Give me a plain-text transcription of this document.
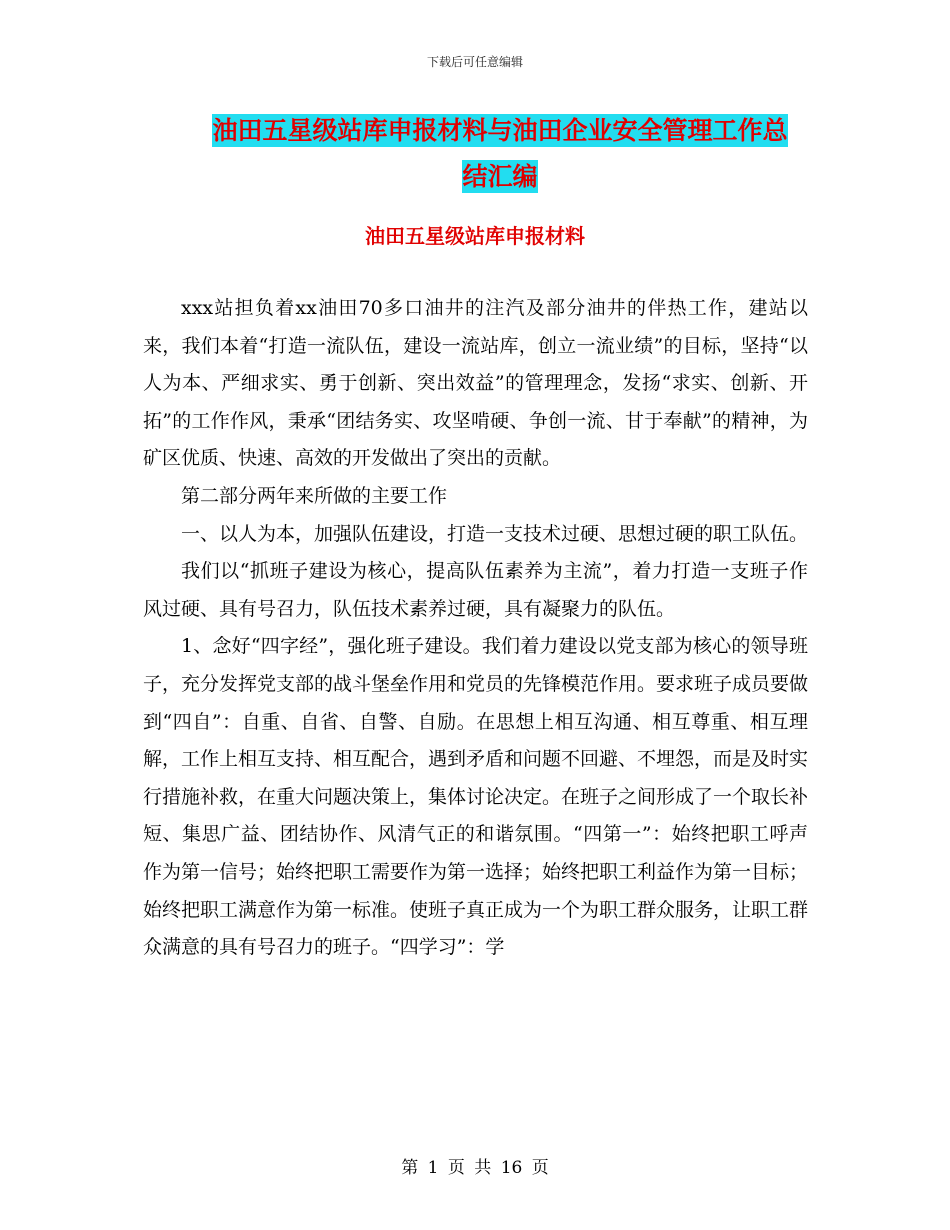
下载后可任意编辑
油田五星级站库申报材料与油田企业安全管理工作总
结汇编
油田五星级站库申报材料

xxx站担负着xx油田70多口油井的注汽及部分油井的伴热工作，建站以来，我们本着“打造一流队伍，建设一流站库，创立一流业绩”的目标，坚持“以人为本、严细求实、勇于创新、突出效益”的管理理念，发扬“求实、创新、开拓”的工作作风，秉承“团结务实、攻坚啃硬、争创一流、甘于奉献”的精神，为矿区优质、快速、高效的开发做出了突出的贡献。

第二部分两年来所做的主要工作

一、以人为本，加强队伍建设，打造一支技术过硬、思想过硬的职工队伍。

我们以“抓班子建设为核心，提高队伍素养为主流”，着力打造一支班子作风过硬、具有号召力，队伍技术素养过硬，具有凝聚力的队伍。

1、念好“四字经”，强化班子建设。我们着力建设以党支部为核心的领导班子，充分发挥党支部的战斗堡垒作用和党员的先锋模范作用。要求班子成员要做到“四自”：自重、自省、自警、自励。在思想上相互沟通、相互尊重、相互理解，工作上相互支持、相互配合，遇到矛盾和问题不回避、不埋怨，而是及时实行措施补救，在重大问题决策上，集体讨论决定。在班子之间形成了一个取长补短、集思广益、团结协作、风清气正的和谐氛围。“四第一”：始终把职工呼声作为第一信号；始终把职工需要作为第一选择；始终把职工利益作为第一目标；始终把职工满意作为第一标准。使班子真正成为一个为职工群众服务，让职工群众满意的具有号召力的班子。“四学习”：学

第 1 页 共 16 页
